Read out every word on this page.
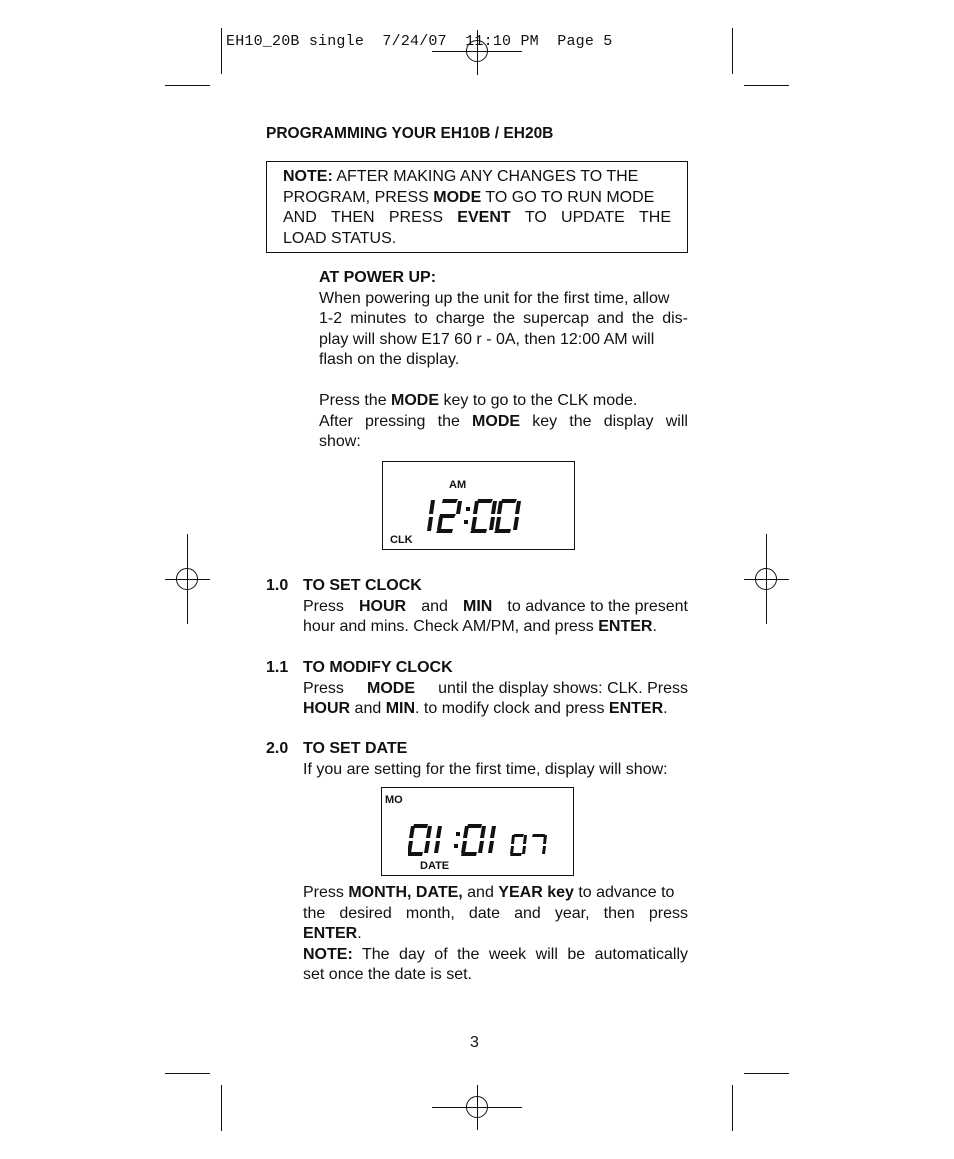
EH10_20B single  7/24/07  11:10 PM  Page 5
PROGRAMMING YOUR EH10B / EH20B
NOTE: AFTER MAKING ANY CHANGES TO THE
PROGRAM, PRESS MODE TO GO TO RUN MODE
AND THEN PRESS EVENT TO UPDATE THE
LOAD STATUS.
AT POWER UP:
When powering up the unit for the first time, allow
1-2 minutes to charge the supercap and the dis-
play will show E17 60 r - 0A, then 12:00 AM will
flash on the display.
Press the MODE key to go to the CLK mode.
After pressing the MODE key the display will
show:
AM
CLK
1.0 TO SET CLOCK
Press HOUR and MIN to advance to the present
hour and mins. Check AM/PM, and press ENTER.
1.1 TO MODIFY CLOCK
Press MODE until the display shows: CLK. Press
HOUR and MIN. to modify clock and press ENTER.
2.0 TO SET DATE
If you are setting for the first time, display will show:
MO
DATE
Press MONTH, DATE, and YEAR key to advance to
the desired month, date and year, then press
ENTER.
NOTE: The day of the week will be automatically
set once the date is set.
3
